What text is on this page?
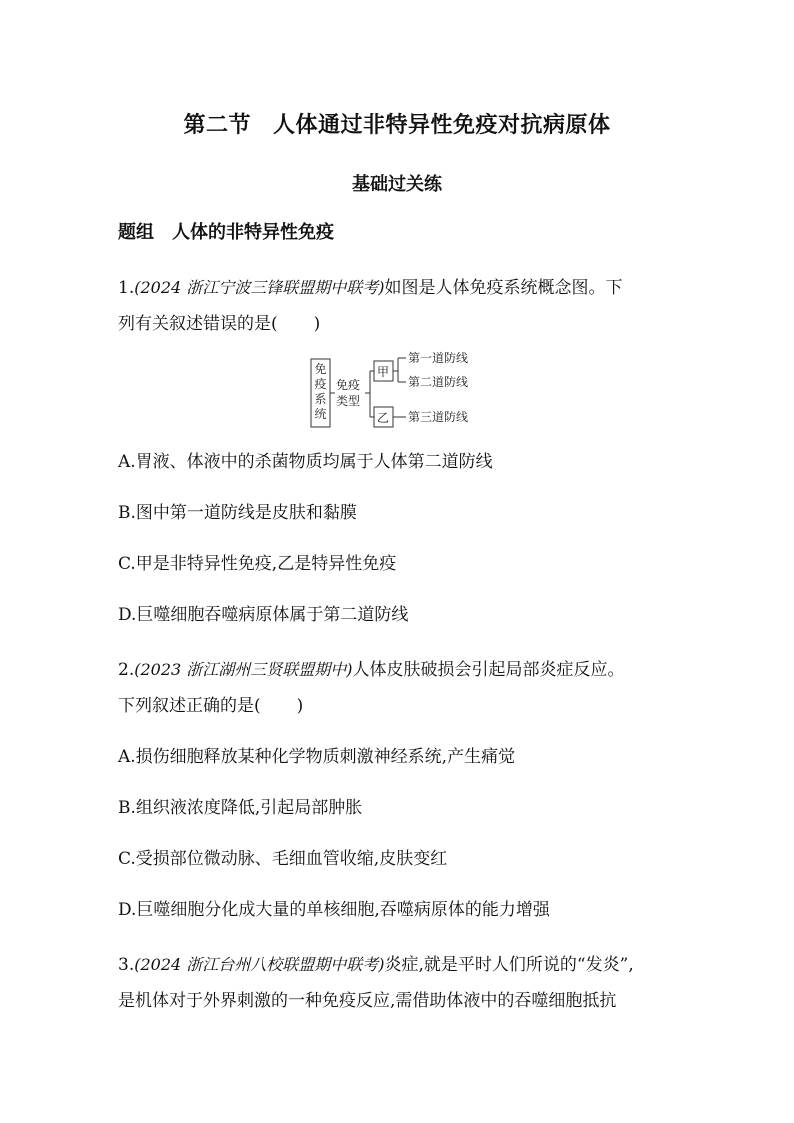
第二节 人体通过非特异性免疫对抗病原体
基础过关练
题组 人体的非特异性免疫
1.(2024 浙江宁波三锋联盟期中联考)如图是人体免疫系统概念图。下
列有关叙述错误的是( )
免
疫
系
统
免疫
类型
甲
乙
第一道防线
第二道防线
第三道防线
A.胃液、体液中的杀菌物质均属于人体第二道防线
B.图中第一道防线是皮肤和黏膜
C.甲是非特异性免疫,乙是特异性免疫
D.巨噬细胞吞噬病原体属于第二道防线
2.(2023 浙江湖州三贤联盟期中)人体皮肤破损会引起局部炎症反应。
下列叙述正确的是( )
A.损伤细胞释放某种化学物质刺激神经系统,产生痛觉
B.组织液浓度降低,引起局部肿胀
C.受损部位微动脉、毛细血管收缩,皮肤变红
D.巨噬细胞分化成大量的单核细胞,吞噬病原体的能力增强
3.(2024 浙江台州八校联盟期中联考)炎症,就是平时人们所说的“发炎”,
是机体对于外界刺激的一种免疫反应,需借助体液中的吞噬细胞抵抗
